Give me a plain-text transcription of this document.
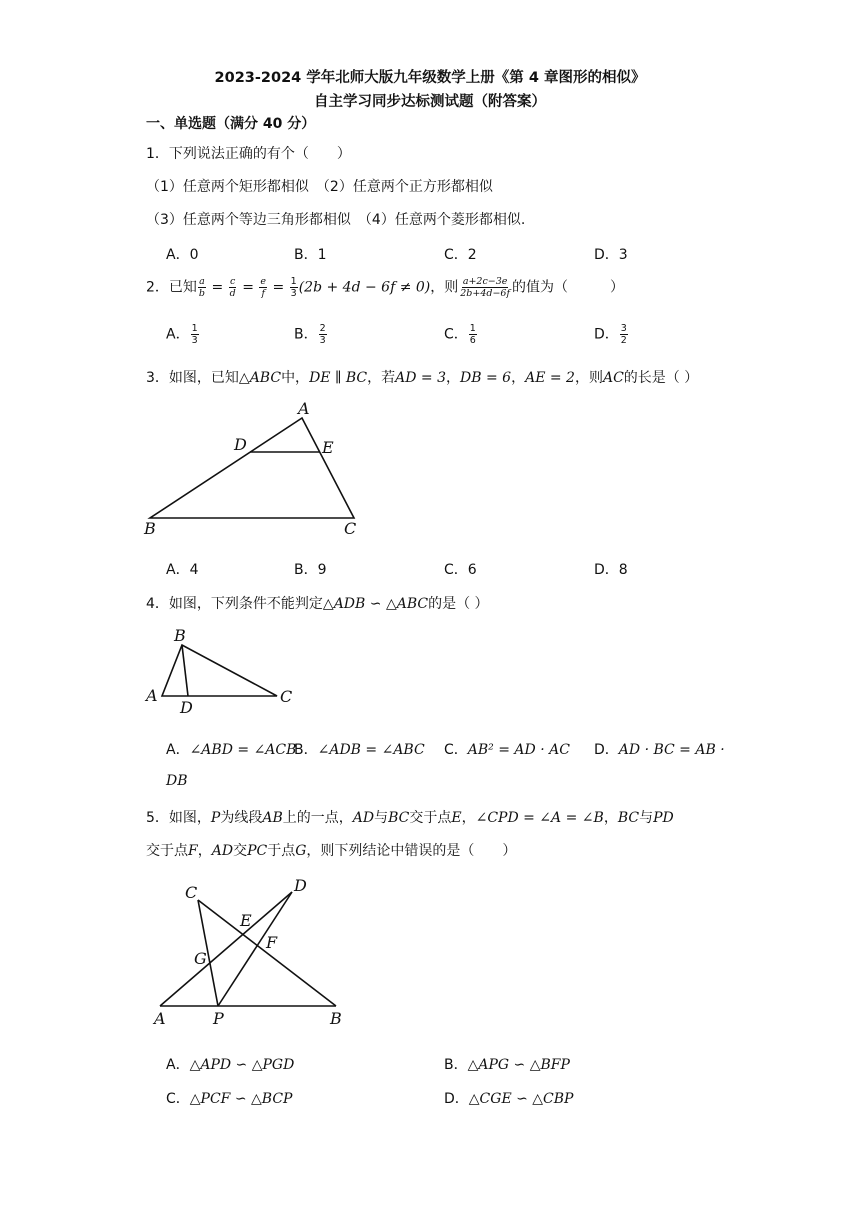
2023-2024 学年北师大版九年级数学上册《第 4 章图形的相似》
自主学习同步达标测试题（附答案）
一、单选题（满分 40 分）
1．下列说法正确的有个（　　）
（1）任意两个矩形都相似　（2）任意两个正方形都相似
（3）任意两个等边三角形都相似　（4）任意两个菱形都相似.
A．0	B．1	C．2	D．3
2．已知 $\frac{a}{b} = \frac{c}{d} = \frac{e}{f} = \frac{1}{3} (2b + 4d - 6f \ne 0)$，则 $\frac{a+2c-3e}{2b+4d-6f}$ 的值为（　　　）
A． $\frac{1}{3}$	B． $\frac{2}{3}$	C． $\frac{1}{6}$	D． $\frac{3}{2}$
3．如图，已知△ABC中，DE ∥ BC，若AD = 3，DB = 6，AE = 2，则AC的长是（ ）
A
D	E
B	C
A．4	B．9	C．6	D．8
4．如图，下列条件不能判定△ADB ∽ △ABC的是（ ）
B
A
D
C
A．∠ABD = ∠ACB
B．∠ADB = ∠ABC C．AB² = AD · AC D．AD · BC = AB ·
DB
5．如图，P为线段AB上的一点，AD与BC交于点E，∠CPD = ∠A = ∠B，BC与PD
交于点F，AD交PC于点G，则下列结论中错误的是（　　）
C	D
E
F
G
A	P	B
A．△APD ∽ △PGD	B．△APG ∽ △BFP
C．△PCF ∽ △BCP	D．△CGE ∽ △CBP
